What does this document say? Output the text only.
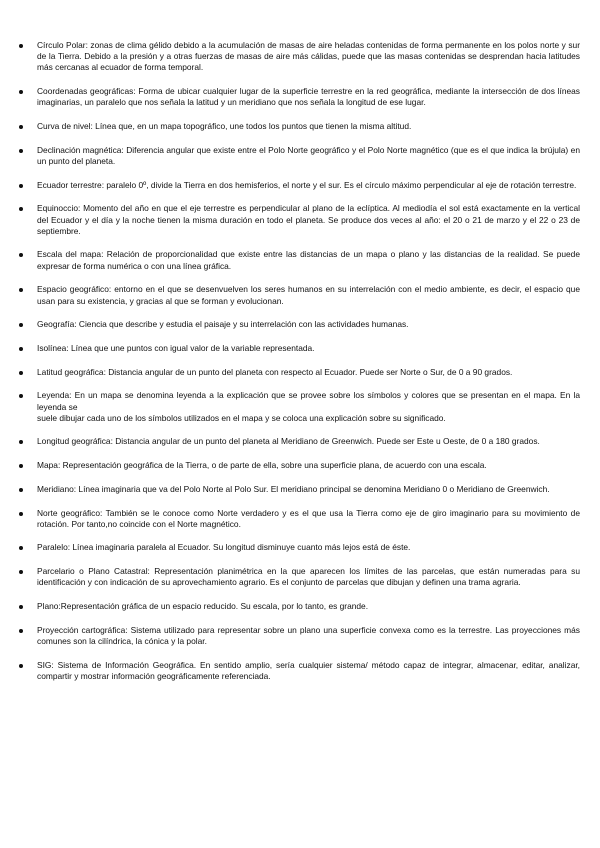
Círculo Polar: zonas de clima gélido debido a la acumulación de masas de aire heladas contenidas de forma permanente en los polos norte y sur de la Tierra. Debido a la presión y a otras fuerzas de masas de aire más cálidas, puede que las masas contenidas se desprendan hacia latitudes más cercanas al ecuador de forma temporal.
Coordenadas geográficas: Forma de ubicar cualquier lugar de la superficie terrestre en la red geográfica, mediante la intersección de dos líneas imaginarias, un paralelo que nos señala la latitud y un meridiano que nos señala la longitud de ese lugar.
Curva de nivel: Línea que, en un mapa topográfico, une todos los puntos que tienen la misma altitud.
Declinación magnética: Diferencia angular que existe entre el Polo Norte geográfico y el Polo Norte magnético (que es el que indica la brújula) en un punto del planeta.
Ecuador terrestre: paralelo 0º, divide la Tierra en dos hemisferios, el norte y el sur. Es el círculo máximo perpendicular al eje de rotación terrestre.
Equinoccio: Momento del año en que el eje terrestre es perpendicular al plano de la eclíptica. Al mediodía el sol está exactamente en la vertical del Ecuador y el día y la noche tienen la misma duración en todo el planeta. Se produce dos veces al año: el 20 o 21 de marzo y el 22 o 23 de septiembre.
Escala del mapa: Relación de proporcionalidad que existe entre las distancias de un mapa o plano y las distancias de la realidad. Se puede expresar de forma numérica o con una línea gráfica.
Espacio geográfico: entorno en el que se desenvuelven los seres humanos en su interrelación con el medio ambiente, es decir, el espacio que usan para su existencia, y gracias al que se forman y evolucionan.
Geografía: Ciencia que describe y estudia el paisaje y su interrelación con las actividades humanas.
Isolínea: Línea que une puntos con igual valor de la variable representada.
Latitud geográfica: Distancia angular de un punto del planeta con respecto al Ecuador. Puede ser Norte o Sur, de 0 a 90 grados.
Leyenda: En un mapa se denomina leyenda a la explicación que se provee sobre los símbolos y colores que se presentan en el mapa. En la leyenda se
suele dibujar cada uno de los símbolos utilizados en el mapa y se coloca una explicación sobre su significado.
Longitud geográfica: Distancia angular de un punto del planeta al Meridiano de Greenwich. Puede ser Este u Oeste, de 0 a 180 grados.
Mapa: Representación geográfica de la Tierra, o de parte de ella, sobre una superficie plana, de acuerdo con una escala.
Meridiano: Línea imaginaria que va del Polo Norte al Polo Sur. El meridiano principal se denomina Meridiano 0 o Meridiano de Greenwich.
Norte geográfico: También se le conoce como Norte verdadero y es el que usa la Tierra como eje de giro imaginario para su movimiento de rotación. Por tanto,no coincide con el Norte magnético.
Paralelo: Línea imaginaria paralela al Ecuador. Su longitud disminuye cuanto más lejos está de éste.
Parcelario o Plano Catastral: Representación planimétrica en la que aparecen los límites de las parcelas, que están numeradas para su identificación y con indicación de su aprovechamiento agrario. Es el conjunto de parcelas que dibujan y definen una trama agraria.
Plano:Representación gráfica de un espacio reducido. Su escala, por lo tanto, es grande.
Proyección cartográfica: Sistema utilizado para representar sobre un plano una superficie convexa como es la terrestre. Las proyecciones más comunes son la cilíndrica, la cónica y la polar.
SIG: Sistema de Información Geográfica. En sentido amplio, sería cualquier sistema/ método capaz de integrar, almacenar, editar, analizar, compartir y mostrar información geográficamente referenciada.
